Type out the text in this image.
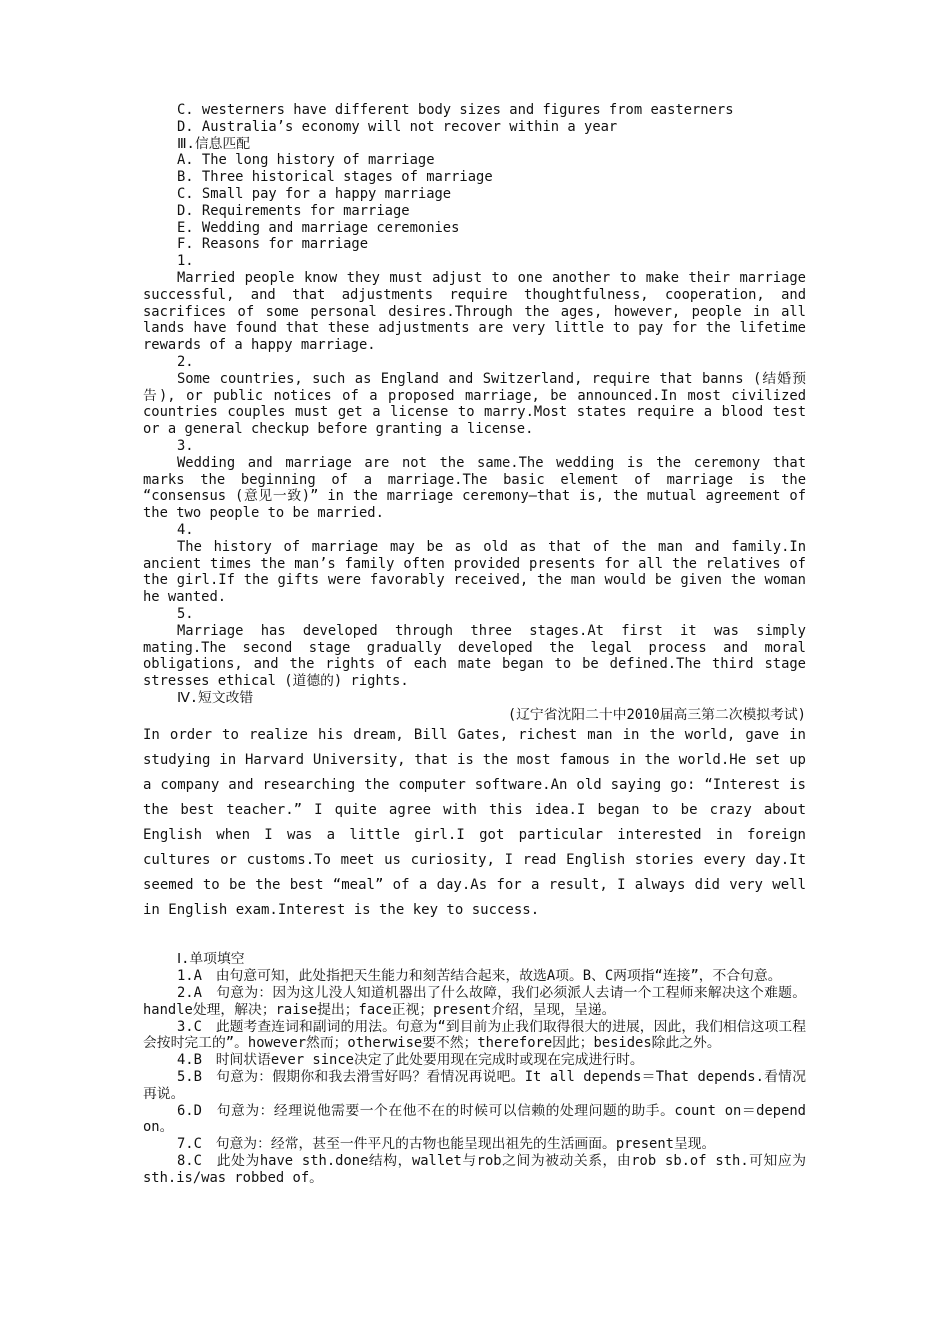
C. westerners have different body sizes and figures from easterners
D. Australia’s economy will not recover within a year
Ⅲ.信息匹配
A. The long history of marriage
B. Three historical stages of marriage
C. Small pay for a happy marriage
D. Requirements for marriage
E. Wedding and marriage ceremonies
F. Reasons for marriage
1.
Married people know they must adjust to one another to make their marriage successful, and that adjustments require thoughtfulness, cooperation, and sacrifices of some personal desires.Through the ages, however, people in all lands have found that these adjustments are very little to pay for the lifetime rewards of a happy marriage.
2.
Some countries, such as England and Switzerland, require that banns (结婚预告), or public notices of a proposed marriage, be announced.In most civilized countries couples must get a license to marry.Most states require a blood test or a general checkup before granting a license.
3.
Wedding and marriage are not the same.The wedding is the ceremony that marks the beginning of a marriage.The basic element of marriage is the “consensus (意见一致)” in the marriage ceremony—that is, the mutual agreement of the two people to be married.
4.
The history of marriage may be as old as that of the man and family.In ancient times the man’s family often provided presents for all the relatives of the girl.If the gifts were favorably received, the man would be given the woman he wanted.
5.
Marriage has developed through three stages.At first it was simply mating.The second stage gradually developed the legal process and moral obligations, and the rights of each mate began to be defined.The third stage stresses ethical (道德的) rights.
Ⅳ.短文改错
(辽宁省沈阳二十中2010届高三第二次模拟考试)
In order to realize his dream, Bill Gates, richest man in the world, gave in studying in Harvard University, that is the most famous in the world.He set up a company and researching the computer software.An old saying go: “Interest is the best teacher.” I quite agree with this idea.I began to be crazy about English when I was a little girl.I got particular interested in foreign cultures or customs.To meet us curiosity, I read English stories every day.It seemed to be the best “meal” of a day.As for a result, I always did very well in English exam.Interest is the key to success.
Ⅰ.单项填空
1.A　由句意可知，此处指把天生能力和刻苦结合起来，故选A项。B、C两项指“连接”，不合句意。
2.A　句意为：因为这儿没人知道机器出了什么故障，我们必须派人去请一个工程师来解决这个难题。handle处理，解决；raise提出；face正视；present介绍，呈现，呈递。
3.C　此题考查连词和副词的用法。句意为“到目前为止我们取得很大的进展，因此，我们相信这项工程会按时完工的”。however然而；otherwise要不然；therefore因此；besides除此之外。
4.B　时间状语ever since决定了此处要用现在完成时或现在完成进行时。
5.B　句意为：假期你和我去滑雪好吗？看情况再说吧。It all depends＝That depends.看情况再说。
6.D　句意为：经理说他需要一个在他不在的时候可以信赖的处理问题的助手。count on＝depend on。
7.C　句意为：经常，甚至一件平凡的古物也能呈现出祖先的生活画面。present呈现。
8.C　此处为have sth.done结构，wallet与rob之间为被动关系，由rob sb.of sth.可知应为sth.is/was robbed of。
